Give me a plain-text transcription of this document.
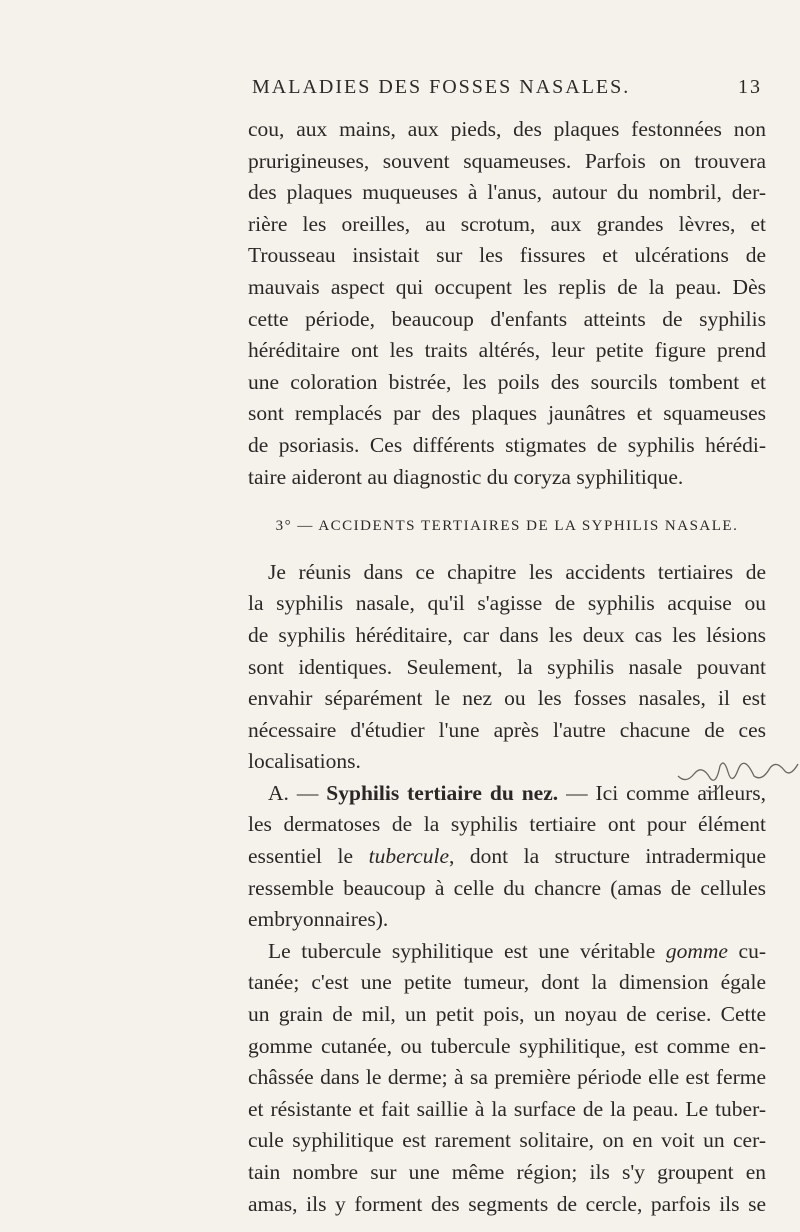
MALADIES DES FOSSES NASALES.	13
cou, aux mains, aux pieds, des plaques festonnées non
prurigineuses, souvent squameuses. Parfois on trouvera
des plaques muqueuses à l'anus, autour du nombril, der-
rière les oreilles, au scrotum, aux grandes lèvres, et
Trousseau insistait sur les fissures et ulcérations de
mauvais aspect qui occupent les replis de la peau. Dès
cette période, beaucoup d'enfants atteints de syphilis
héréditaire ont les traits altérés, leur petite figure prend
une coloration bistrée, les poils des sourcils tombent et
sont remplacés par des plaques jaunâtres et squameuses
de psoriasis. Ces différents stigmates de syphilis hérédi-
taire aideront au diagnostic du coryza syphilitique.
3° — ACCIDENTS TERTIAIRES DE LA SYPHILIS NASALE.
Je réunis dans ce chapitre les accidents tertiaires de
la syphilis nasale, qu'il s'agisse de syphilis acquise ou
de syphilis héréditaire, car dans les deux cas les lésions
sont identiques. Seulement, la syphilis nasale pouvant
envahir séparément le nez ou les fosses nasales, il est
nécessaire d'étudier l'une après l'autre chacune de ces
localisations.
A. — Syphilis tertiaire du nez. — Ici comme ailleurs,
les dermatoses de la syphilis tertiaire ont pour élément
essentiel le tubercule, dont la structure intradermique
ressemble beaucoup à celle du chancre (amas de cellules
embryonnaires).
Le tubercule syphilitique est une véritable gomme cu-
tanée; c'est une petite tumeur, dont la dimension égale
un grain de mil, un petit pois, un noyau de cerise. Cette
gomme cutanée, ou tubercule syphilitique, est comme en-
châssée dans le derme; à sa première période elle est ferme
et résistante et fait saillie à la surface de la peau. Le tuber-
cule syphilitique est rarement solitaire, on en voit un cer-
tain nombre sur une même région; ils s'y groupent en
amas, ils y forment des segments de cercle, parfois ils se
